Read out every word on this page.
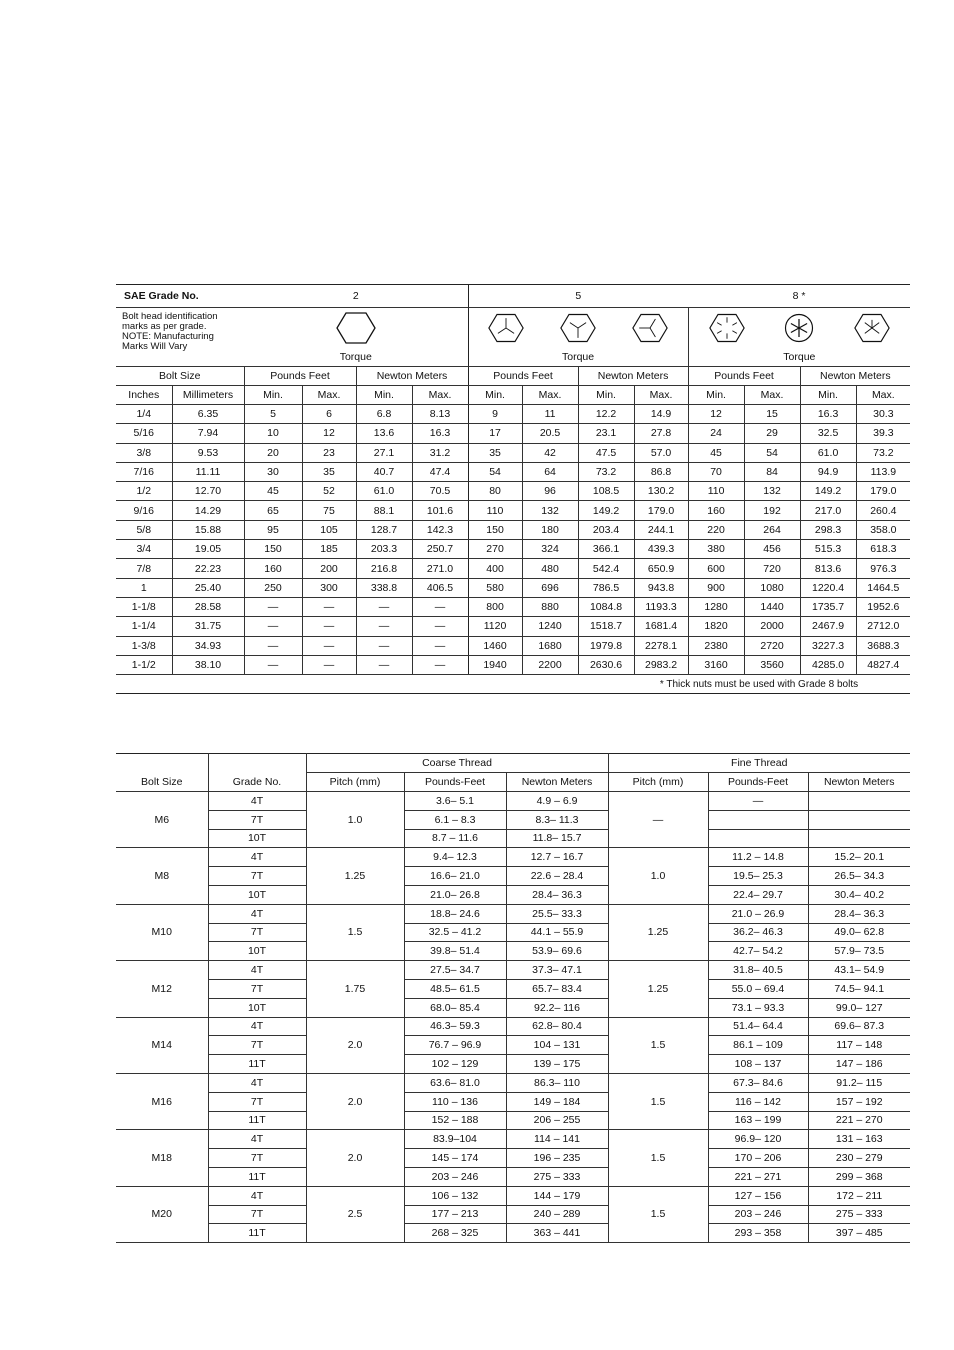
SAE Grade No.		2				5				8 *			
Bolt head identification marks as per grade. NOTE: Manufacturing Marks Will Vary	

		Torque				Torque				Torque			
Bolt Size		Pounds Feet		Newton Meters		Pounds Feet		Newton Meters		Pounds Feet		Newton Meters	
Inches	Millimeters	Min.	Max.	Min.	Max.	Min.	Max.	Min.	Max.	Min.	Max.	Min.	Max.
1/4	6.35	5	6	6.8	8.13	9	11	12.2	14.9	12	15	16.3	30.3
5/16	7.94	10	12	13.6	16.3	17	20.5	23.1	27.8	24	29	32.5	39.3
3/8	9.53	20	23	27.1	31.2	35	42	47.5	57.0	45	54	61.0	73.2
7/16	11.11	30	35	40.7	47.4	54	64	73.2	86.8	70	84	94.9	113.9
1/2	12.70	45	52	61.0	70.5	80	96	108.5	130.2	110	132	149.2	179.0
9/16	14.29	65	75	88.1	101.6	110	132	149.2	179.0	160	192	217.0	260.4
5/8	15.88	95	105	128.7	142.3	150	180	203.4	244.1	220	264	298.3	358.0
3/4	19.05	150	185	203.3	250.7	270	324	366.1	439.3	380	456	515.3	618.3
7/8	22.23	160	200	216.8	271.0	400	480	542.4	650.9	600	720	813.6	976.3
1	25.40	250	300	338.8	406.5	580	696	786.5	943.8	900	1080	1220.4	1464.5
1-1/8	28.58	—	—	—	—	800	880	1084.8	1193.3	1280	1440	1735.7	1952.6
1-1/4	31.75	—	—	—	—	1120	1240	1518.7	1681.4	1820	2000	2467.9	2712.0
1-3/8	34.93	—	—	—	—	1460	1680	1979.8	2278.1	2380	2720	3227.3	3688.3
1-1/2	38.10	—	—	—	—	1940	2200	2630.6	2983.2	3160	3560	4285.0	4827.4
* Thick nuts must be used with Grade 8 bolts													
		Coarse Thread			Fine Thread		
Bolt Size	Grade No.	Pitch (mm)	Pounds-Feet	Newton Meters	Pitch (mm)	Pounds-Feet	Newton Meters
M6	4T	1.0	3.6– 5.1	4.9 – 6.9	—	—	
	7T		6.1 – 8.3	8.3– 11.3			
	10T		8.7 – 11.6	11.8– 15.7			
M8	4T	1.25	9.4– 12.3	12.7 – 16.7	1.0	11.2 – 14.8	15.2– 20.1
	7T		16.6– 21.0	22.6 – 28.4		19.5– 25.3	26.5– 34.3
	10T		21.0– 26.8	28.4– 36.3		22.4– 29.7	30.4– 40.2
M10	4T	1.5	18.8– 24.6	25.5– 33.3	1.25	21.0 – 26.9	28.4– 36.3
	7T		32.5 – 41.2	44.1 – 55.9		36.2– 46.3	49.0– 62.8
	10T		39.8– 51.4	53.9– 69.6		42.7– 54.2	57.9– 73.5
M12	4T	1.75	27.5– 34.7	37.3– 47.1	1.25	31.8– 40.5	43.1– 54.9
	7T		48.5– 61.5	65.7– 83.4		55.0 – 69.4	74.5– 94.1
	10T		68.0– 85.4	92.2– 116		73.1 – 93.3	99.0– 127
M14	4T	2.0	46.3– 59.3	62.8– 80.4	1.5	51.4– 64.4	69.6– 87.3
	7T		76.7 – 96.9	104 – 131		86.1 – 109	117 – 148
	11T		102 – 129	139 – 175		108 – 137	147 – 186
M16	4T	2.0	63.6– 81.0	86.3– 110	1.5	67.3– 84.6	91.2– 115
	7T		110 – 136	149 – 184		116 – 142	157 – 192
	11T		152 – 188	206 – 255		163 – 199	221 – 270
M18	4T	2.0	83.9–104	114 – 141	1.5	96.9– 120	131 – 163
	7T		145 – 174	196 – 235		170 – 206	230 – 279
	11T		203 – 246	275 – 333		221 – 271	299 – 368
M20	4T	2.5	106 – 132	144 – 179	1.5	127 – 156	172 – 211
	7T		177 – 213	240 – 289		203 – 246	275 – 333
	11T		268 – 325	363 – 441		293 – 358	397 – 485
